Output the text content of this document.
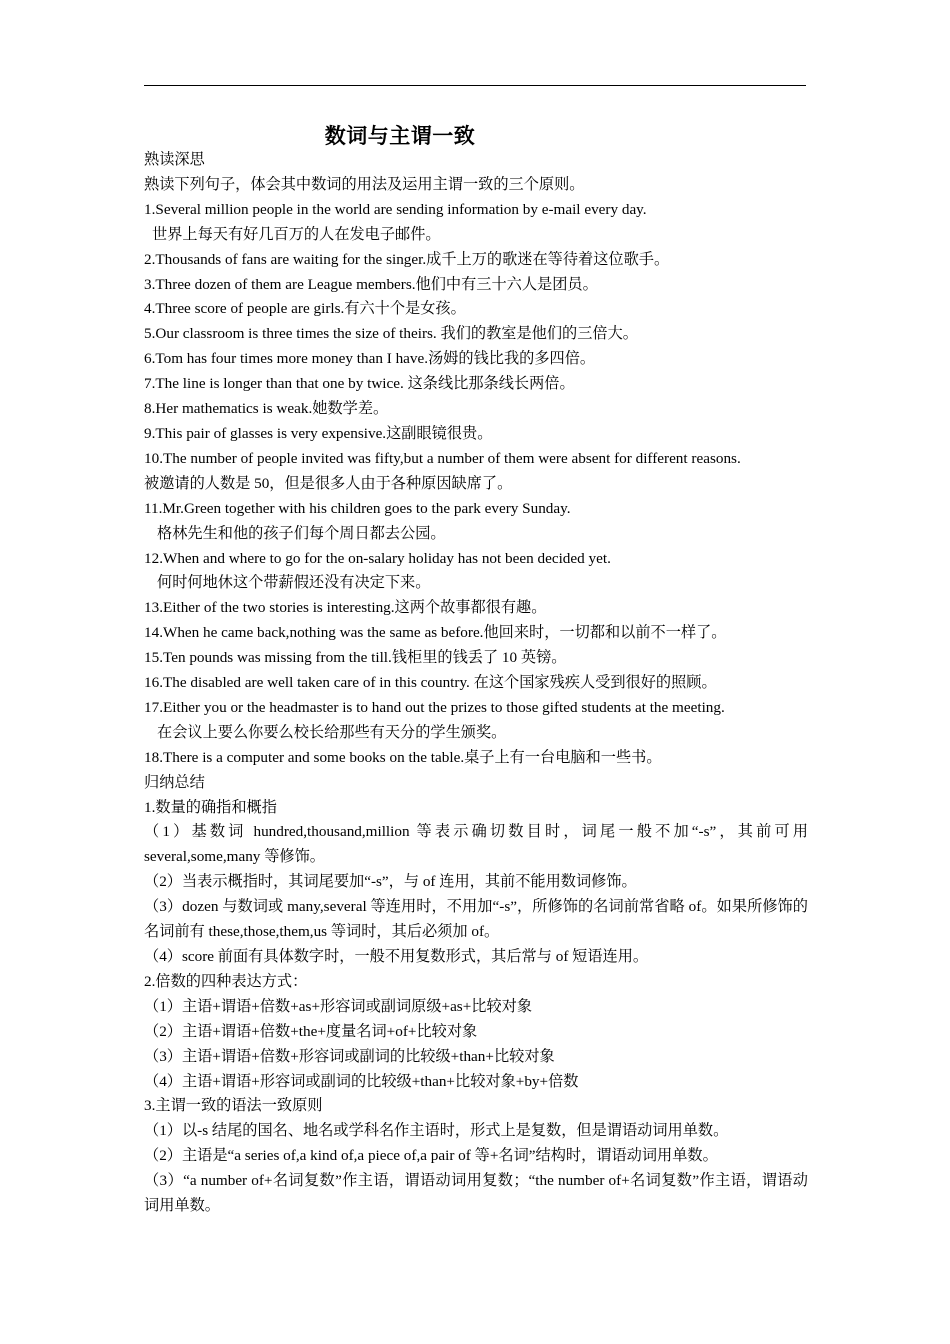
数词与主谓一致
熟读深思
熟读下列句子，体会其中数词的用法及运用主谓一致的三个原则。
1.Several million people in the world are sending information by e-mail every day.
世界上每天有好几百万的人在发电子邮件。
2.Thousands of fans are waiting for the singer.成千上万的歌迷在等待着这位歌手。
3.Three dozen of them are League members.他们中有三十六人是团员。
4.Three score of people are girls.有六十个是女孩。
5.Our classroom is three times the size of theirs. 我们的教室是他们的三倍大。
6.Tom has four times more money than I have.汤姆的钱比我的多四倍。
7.The line is longer than that one by twice. 这条线比那条线长两倍。
8.Her mathematics is weak.她数学差。
9.This pair of glasses is very expensive.这副眼镜很贵。
10.The number of people invited was fifty,but a number of them were absent for different reasons.
被邀请的人数是 50，但是很多人由于各种原因缺席了。
11.Mr.Green together with his children goes to the park every Sunday.
格林先生和他的孩子们每个周日都去公园。
12.When and where to go for the on-salary holiday has not been decided yet.
何时何地休这个带薪假还没有决定下来。
13.Either of the two stories is interesting.这两个故事都很有趣。
14.When he came back,nothing was the same as before.他回来时，一切都和以前不一样了。
15.Ten pounds was missing from the till.钱柜里的钱丢了 10 英镑。
16.The disabled are well taken care of in this country. 在这个国家残疾人受到很好的照顾。
17.Either you or the headmaster is to hand out the prizes to those gifted students at the meeting.
在会议上要么你要么校长给那些有天分的学生颁奖。
18.There is a computer and some books on the table.桌子上有一台电脑和一些书。
归纳总结
1.数量的确指和概指
（1）基数词 hundred,thousand,million 等表示确切数目时，词尾一般不加“-s”，其前可用several,some,many 等修饰。
（2）当表示概指时，其词尾要加“-s”，与 of 连用，其前不能用数词修饰。
（3）dozen 与数词或 many,several 等连用时，不用加“-s”，所修饰的名词前常省略 of。如果所修饰的名词前有 these,those,them,us 等词时，其后必须加 of。
（4）score 前面有具体数字时，一般不用复数形式，其后常与 of 短语连用。
2.倍数的四种表达方式：
（1）主语+谓语+倍数+as+形容词或副词原级+as+比较对象
（2）主语+谓语+倍数+the+度量名词+of+比较对象
（3）主语+谓语+倍数+形容词或副词的比较级+than+比较对象
（4）主语+谓语+形容词或副词的比较级+than+比较对象+by+倍数
3.主谓一致的语法一致原则
（1）以-s 结尾的国名、地名或学科名作主语时，形式上是复数，但是谓语动词用单数。
（2）主语是“a series of,a kind of,a piece of,a pair of 等+名词”结构时，谓语动词用单数。
（3）“a number of+名词复数”作主语，谓语动词用复数；“the number of+名词复数”作主语，谓语动词用单数。
